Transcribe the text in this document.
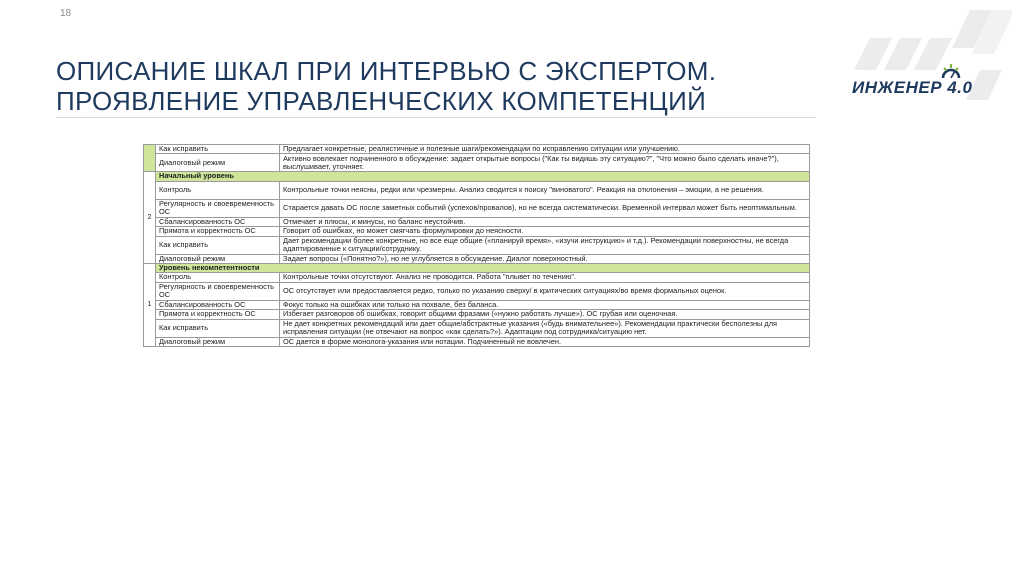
18
ОПИСАНИЕ ШКАЛ ПРИ ИНТЕРВЬЮ С ЭКСПЕРТОМ.
ПРОЯВЛЕНИЕ УПРАВЛЕНЧЕСКИХ КОМПЕТЕНЦИЙ	ИНЖЕНЕР 4.0
	Как исправить	Предлагает конкретные, реалистичные и полезные шаги/рекомендации по исправлению ситуации или улучшению.
	Диалоговый режим	Активно вовлекает подчиненного в обсуждение: задает открытые вопросы ("Как ты видишь эту ситуацию?", "Что можно было сделать иначе?"), выслушивает, уточняет.
2	Начальный уровень	
	Контроль	Контрольные точки неясны, редки или чрезмерны. Анализ сводится к поиску "виноватого". Реакция на отклонения – эмоции, а не решения.
	Регулярность и своевременность ОС	Старается давать ОС после заметных событий (успехов/провалов), но не всегда систематически. Временной интервал может быть неоптимальным.
	Сбалансированность ОС	Отмечает и плюсы, и минусы, но баланс неустойчив.
	Прямота и корректность ОС	Говорит об ошибках, но может смягчать формулировки до неясности.
	Как исправить	Дает рекомендации более конкретные, но все еще общие («планируй время», «изучи инструкцию» и т.д.). Рекомендации поверхностны, не всегда адаптированные к ситуации/сотруднику.
	Диалоговый режим	Задает вопросы («Понятно?»), но не углубляется в обсуждение. Диалог поверхностный.
1	Уровень некомпетентности	
	Контроль	Контрольные точки отсутствуют. Анализ не проводится. Работа "плывет по течению".
	Регулярность и своевременность ОС	ОС отсутствует или предоставляется редко, только по указанию сверху/ в критических ситуациях/во время формальных оценок.
	Сбалансированность ОС	Фокус только на ошибках или только на похвале, без баланса.
	Прямота и корректность ОС	Избегает разговоров об ошибках, говорит общими фразами («нужно работать лучше»). ОС грубая или оценочная.
	Как исправить	Не дает конкретных рекомендаций или дает общие/абстрактные указания («будь внимательнее»). Рекомендации практически бесполезны для исправления ситуации (не отвечают на вопрос «как сделать?»). Адаптации под сотрудника/ситуацию нет.
	Диалоговый режим	ОС дается в форме монолога-указания или нотации. Подчиненный не вовлечен.
